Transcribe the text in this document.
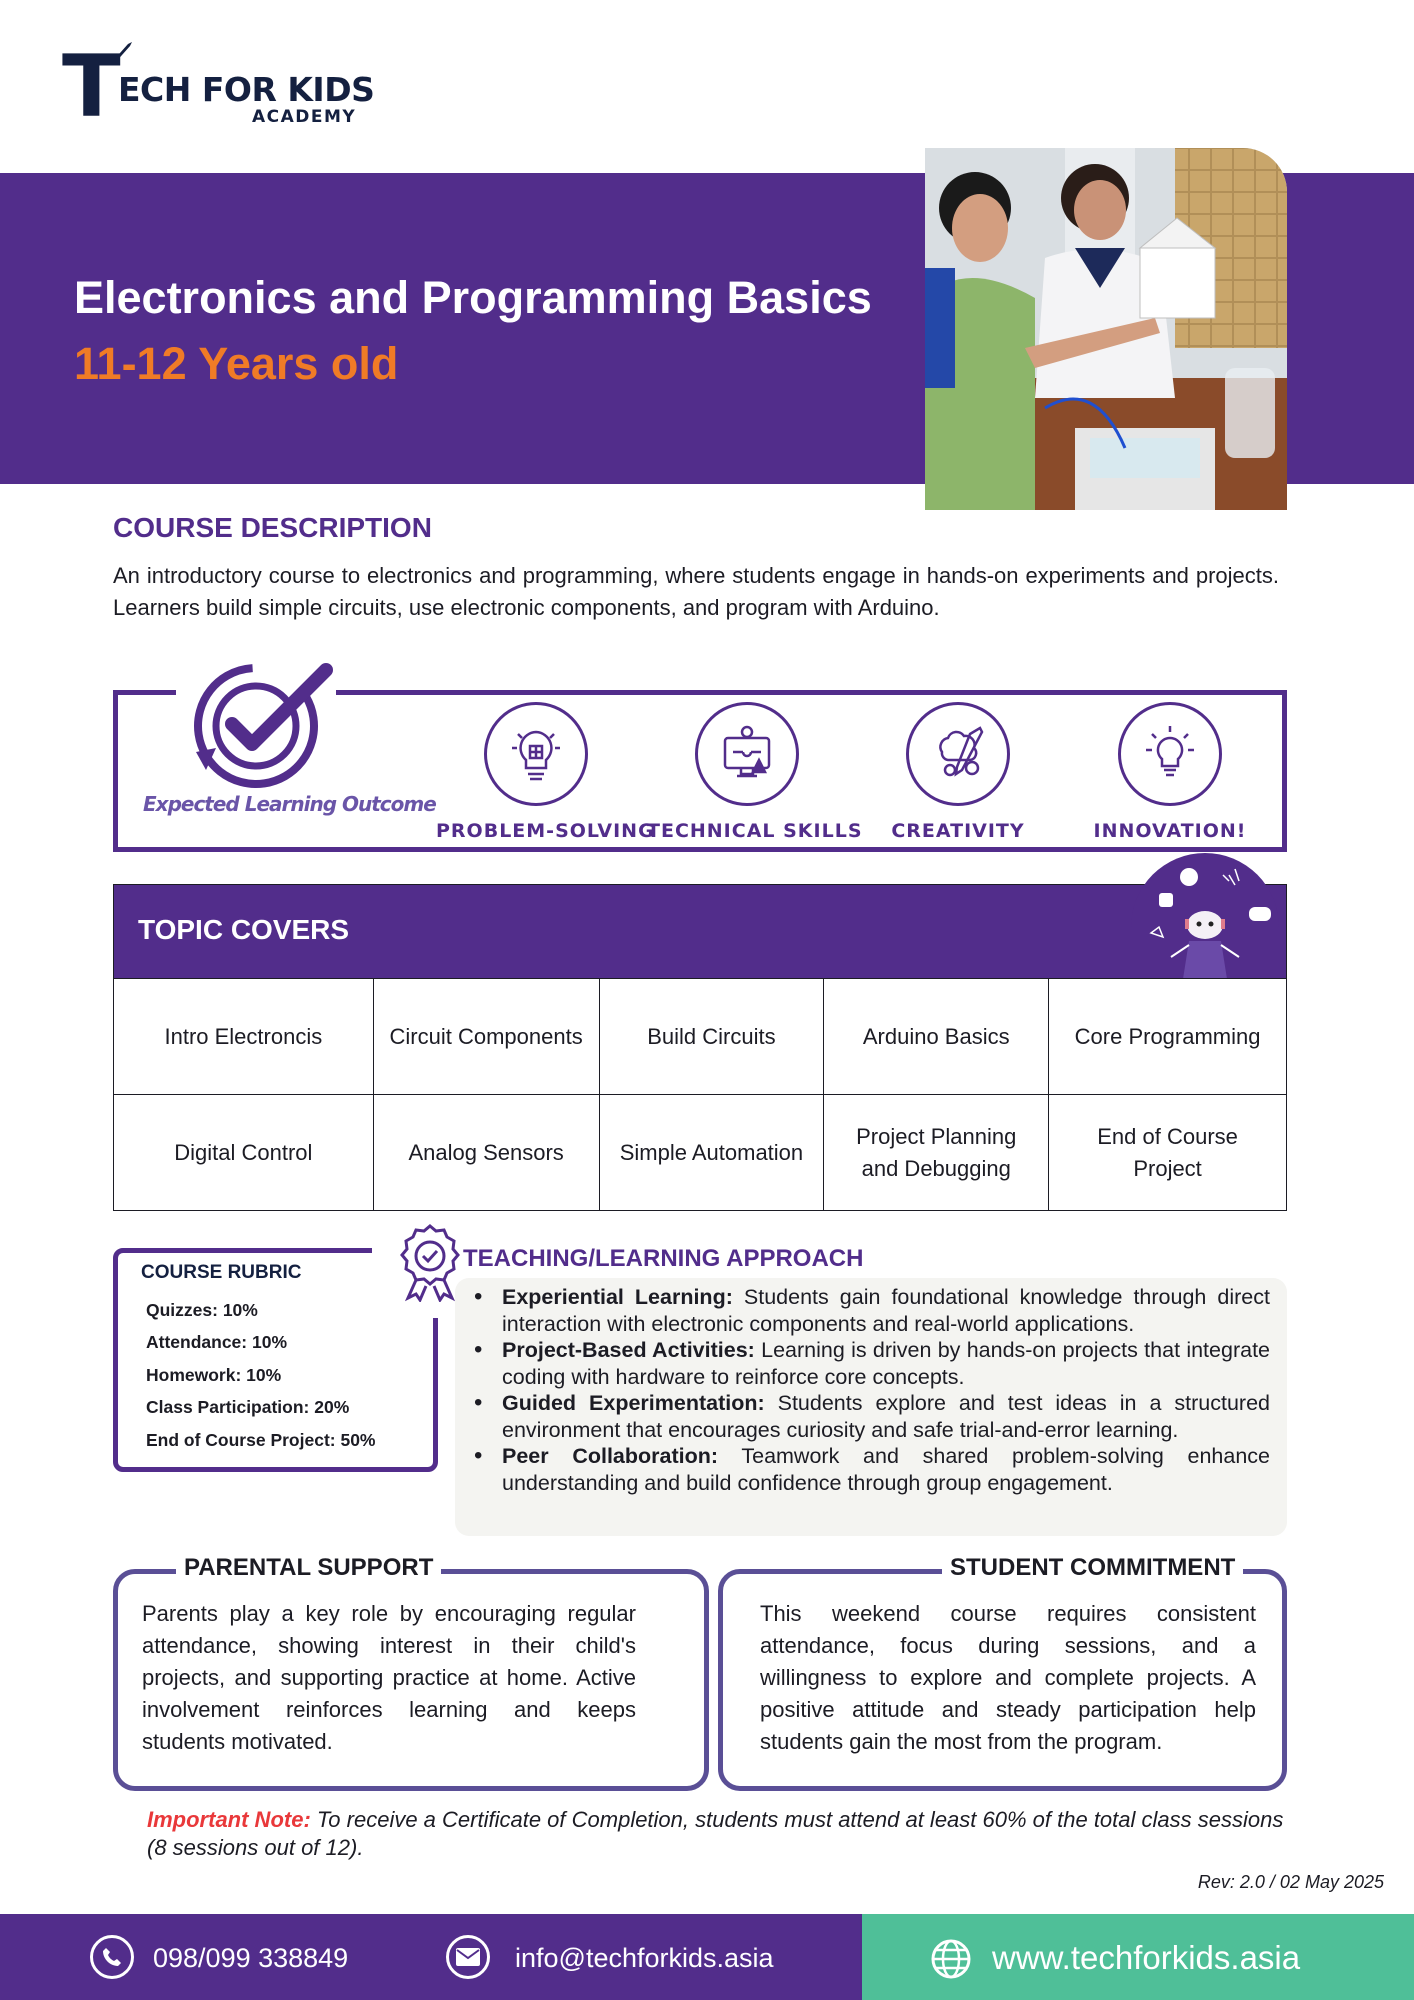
T ECH FOR KIDS
ACADEMY
Electronics and Programming Basics
11-12 Years old
COURSE DESCRIPTION
An introductory course to electronics and programming, where students engage in hands-on experiments and projects. Learners build simple circuits, use electronic components, and program with Arduino.
Expected Learning Outcome
PROBLEM-SOLVING
TECHNICAL SKILLS	CREATIVITY	INNOVATION!
TOPIC COVERS
Intro Electroncis	Circuit Components	Build Circuits	Arduino Basics	Core Programming
Digital Control	Analog Sensors	Simple Automation	Project Planning and Debugging	End of Course Project
COURSE RUBRIC
Quizzes: 10%
Attendance: 10%
Homework: 10%
Class Participation: 20%
End of Course Project: 50%
TEACHING/LEARNING APPROACH
• Experiential Learning: Students gain foundational knowledge through direct interaction with electronic components and real-world applications.
• Project-Based Activities: Learning is driven by hands-on projects that integrate coding with hardware to reinforce core concepts.
• Guided Experimentation: Students explore and test ideas in a structured environment that encourages curiosity and safe trial-and-error learning.
• Peer Collaboration: Teamwork and shared problem-solving enhance understanding and build confidence through group engagement.
PARENTAL SUPPORT
Parents play a key role by encouraging regular attendance, showing interest in their child's projects, and supporting practice at home. Active involvement reinforces learning and keeps students motivated.
STUDENT COMMITMENT
This weekend course requires consistent attendance, focus during sessions, and a willingness to explore and complete projects. A positive attitude and steady participation help students gain the most from the program.
Important Note: To receive a Certificate of Completion, students must attend at least 60% of the total class sessions (8 sessions out of 12).
Rev: 2.0 / 02 May 2025
098/099 338849	info@techforkids.asia	www.techforkids.asia
